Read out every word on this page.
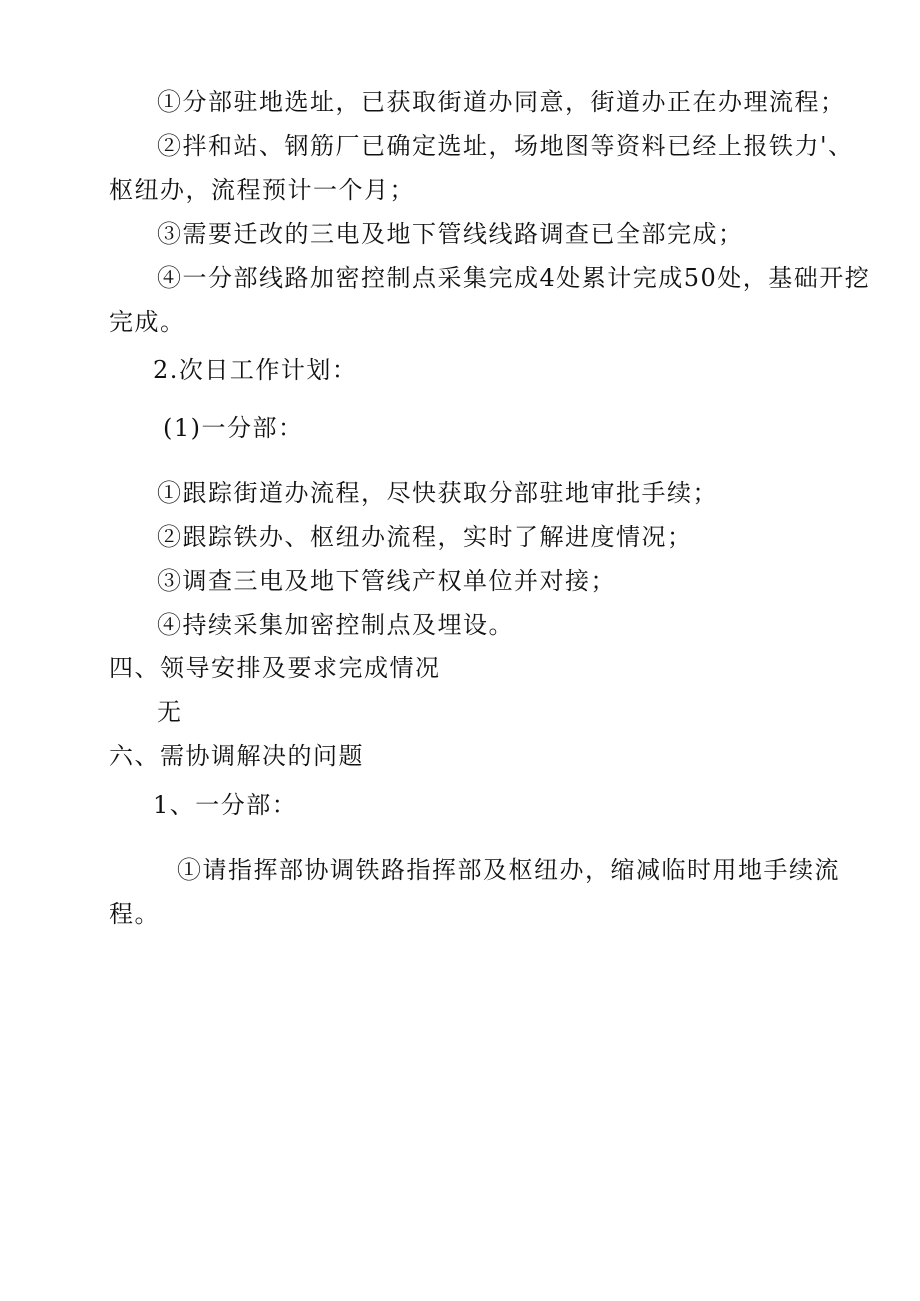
①分部驻地选址，已获取街道办同意，街道办正在办理流程；

②拌和站、钢筋厂已确定选址，场地图等资料已经上报铁力'、

枢纽办，流程预计一个月；

③需要迁改的三电及地下管线线路调查已全部完成；

④一分部线路加密控制点采集完成4处累计完成50处，基础开挖

完成。

2.次日工作计划：

(1)一分部：

①跟踪街道办流程，尽快获取分部驻地审批手续；

②跟踪铁办、枢纽办流程，实时了解进度情况；

③调查三电及地下管线产权单位并对接；

④持续采集加密控制点及埋设。

四、领导安排及要求完成情况

无

六、需协调解决的问题

1、一分部：

①请指挥部协调铁路指挥部及枢纽办，缩减临时用地手续流

程。
